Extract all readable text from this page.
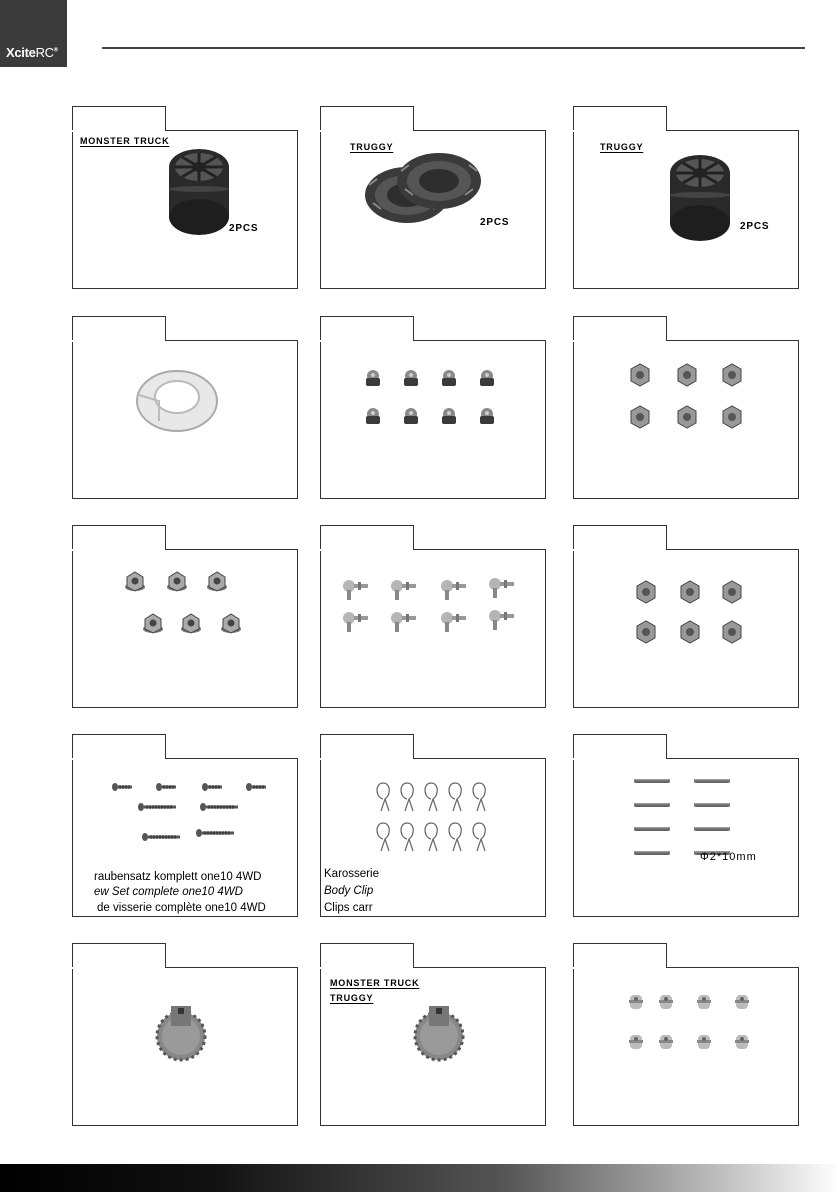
XciteRC®
MONSTER TRUCK
2PCS
TRUGGY
2PCS
TRUGGY
2PCS
raubensatz komplett one10 4WD
ew Set complete one10 4WD
de visserie complète one10 4WD
Karosserie
Body Clip
Clips carr
Φ2*10mm
MONSTER TRUCK
TRUGGY
